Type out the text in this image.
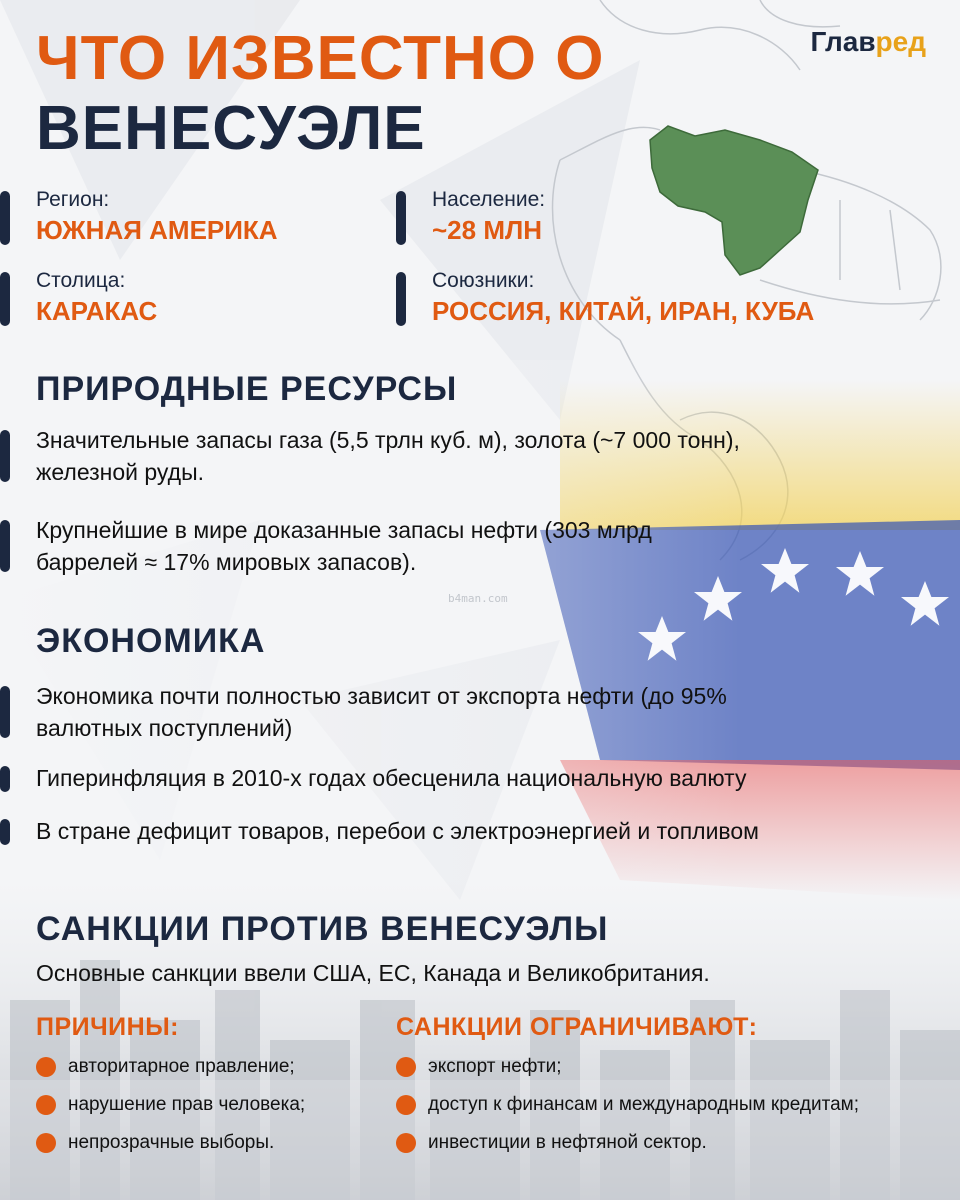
ЧТО ИЗВЕСТНО О
ВЕНЕСУЭЛЕ
Главред
Регион:
ЮЖНАЯ АМЕРИКА
Население:
~28 МЛН
Столица:
КАРАКАС
Союзники:
РОССИЯ, КИТАЙ, ИРАН, КУБА
ПРИРОДНЫЕ РЕСУРСЫ
Значительные запасы газа (5,5 трлн куб. м), золота (~7 000 тонн),
железной руды.
Крупнейшие в мире доказанные запасы нефти (303 млрд
баррелей ≈ 17% мировых запасов).
ЭКОНОМИКА
Экономика почти полностью зависит от экспорта нефти (до 95%
валютных поступлений)
Гиперинфляция в 2010-х годах обесценила национальную валюту
В стране дефицит товаров, перебои с электроэнергией и топливом
САНКЦИИ ПРОТИВ ВЕНЕСУЭЛЫ
Основные санкции ввели США, ЕС, Канада и Великобритания.
ПРИЧИНЫ:
авторитарное правление;
нарушение прав человека;
непрозрачные выборы.
САНКЦИИ ОГРАНИЧИВАЮТ:
экспорт нефти;
доступ к финансам и международным кредитам;
инвестиции в нефтяной сектор.
b4man.com
